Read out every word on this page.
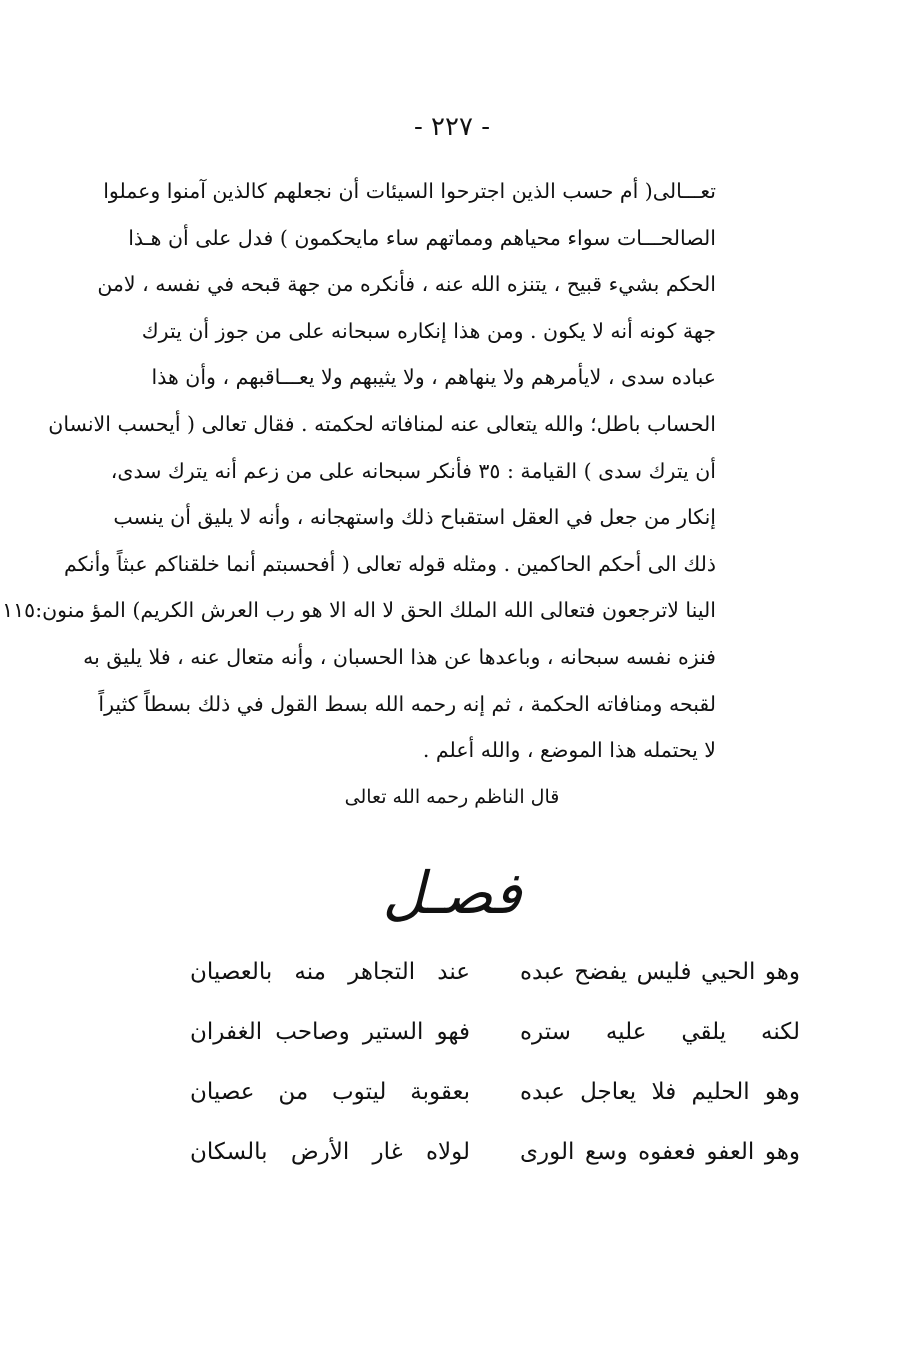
- ٢٢٧ -
تعـــالى( أم حسب الذين اجترحوا السيئات أن نجعلهم كالذين آمنوا وعملوا
الصالحـــات سواء محياهم ومماتهم ساء مايحكمون ) فدل على أن هـذا
الحكم بشيء قبيح ، يتنزه الله عنه ، فأنكره من جهة قبحه في نفسه ، لامن
جهة كونه أنه لا يكون . ومن هذا إنكاره سبحانه على من جوز أن يترك
عباده سدى ، لايأمرهم ولا ينهاهم ، ولا يثيبهم ولا يعـــاقبهم ، وأن هذا
الحساب باطل؛ والله يتعالى عنه لمنافاته لحكمته . فقال تعالى ( أيحسب الانسان
أن يترك سدى ) القيامة : ٣٥ فأنكر سبحانه على من زعم أنه يترك سدى،
إنكار من جعل في العقل استقباح ذلك واستهجانه ، وأنه لا يليق أن ينسب
ذلك الى أحكم الحاكمين . ومثله قوله تعالى ( أفحسبتم أنما خلقناكم عبثاً وأنكم
الينا لاترجعون فتعالى الله الملك الحق لا اله الا هو رب العرش الكريم) المؤ منون:١١٥
فنزه نفسه سبحانه ، وباعدها عن هذا الحسبان ، وأنه متعال عنه ، فلا يليق به
لقبحه ومنافاته الحكمة ، ثم إنه رحمه الله بسط القول في ذلك بسطاً كثيراً
لا يحتمله هذا الموضع ، والله أعلم .
قال الناظم رحمه الله تعالى
فصـل
وهو الحيي فليس يفضح عبده
عند التجاهر منه بالعصيان
لكنه يلقي عليه ستره
فهو الستير وصاحب الغفران
وهو الحليم فلا يعاجل عبده
بعقوبة ليتوب من عصيان
وهو العفو فعفوه وسع الورى
لولاه غار الأرض بالسكان
